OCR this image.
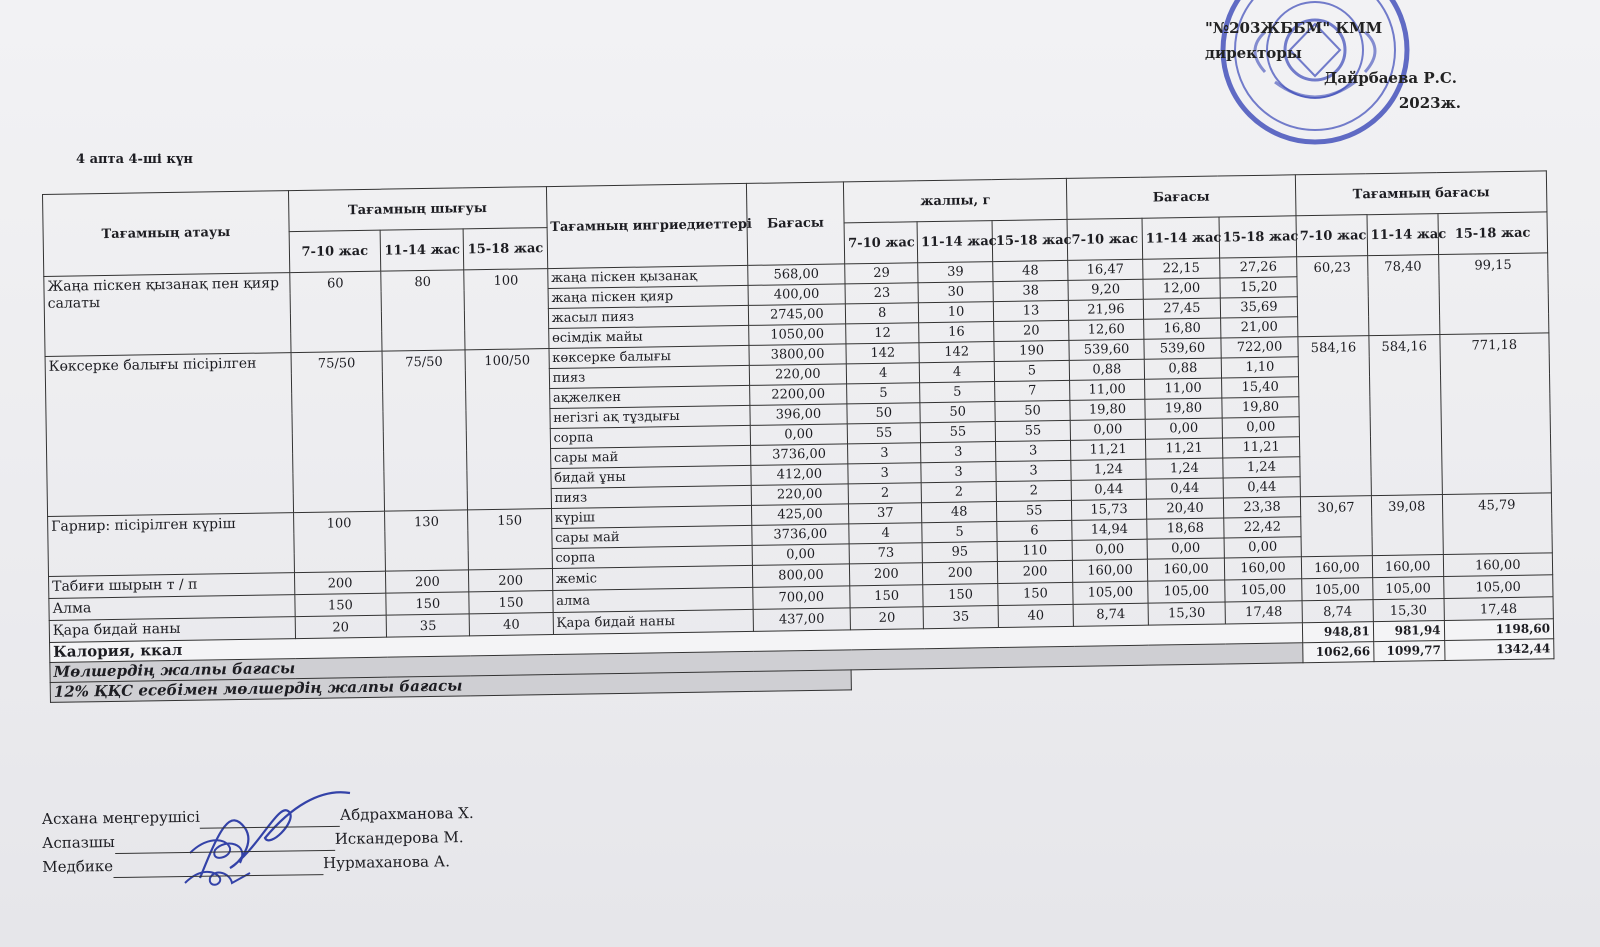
"№203ЖББМ" КММ
директоры
Дайрбаева Р.С.
2023ж.
4 апта 4-ші күн
Тағамның атауы	Тағамның шығуы			Тағамның ингриедиеттері	Бағасы	жалпы, г			Бағасы			Тағамның бағасы		
	7-10 жас	11-14 жас	15-18 жас			7-10 жас	11-14 жас	15-18 жас	7-10 жас	11-14 жас	15-18 жас	7-10 жас	11-14 жас	15-18 жас
Жаңа піскен қызанақ пен қияр салаты	60	80	100	жаңа піскен қызанақ	568,00	29	39	48	16,47	22,15	27,26	60,23	78,40	99,15
				жаңа піскен қияр	400,00	23	30	38	9,20	12,00	15,20			
				жасыл пияз	2745,00	8	10	13	21,96	27,45	35,69			
				өсімдік майы	1050,00	12	16	20	12,60	16,80	21,00			
Көксерке балығы пісірілген	75/50	75/50	100/50	көксерке балығы	3800,00	142	142	190	539,60	539,60	722,00	584,16	584,16	771,18
				пияз	220,00	4	4	5	0,88	0,88	1,10			
				ақжелкен	2200,00	5	5	7	11,00	11,00	15,40			
				негізгі ақ тұздығы	396,00	50	50	50	19,80	19,80	19,80			
				сорпа	0,00	55	55	55	0,00	0,00	0,00			
				сары май	3736,00	3	3	3	11,21	11,21	11,21			
				бидай ұны	412,00	3	3	3	1,24	1,24	1,24			
				пияз	220,00	2	2	2	0,44	0,44	0,44			
Гарнир: пісірілген күріш	100	130	150	күріш	425,00	37	48	55	15,73	20,40	23,38	30,67	39,08	45,79
				сары май	3736,00	4	5	6	14,94	18,68	22,42			
				сорпа	0,00	73	95	110	0,00	0,00	0,00			
Табиғи шырын т / п	200	200	200	жеміс	800,00	200	200	200	160,00	160,00	160,00	160,00	160,00	160,00
Алма	150	150	150	алма	700,00	150	150	150	105,00	105,00	105,00	105,00	105,00	105,00
Қара бидай наны	20	35	40	Қара бидай наны	437,00	20	35	40	8,74	15,30	17,48	8,74	15,30	17,48
Калория, ккал												948,81	981,94	1198,60
Мөлшердің жалпы бағасы												1062,66	1099,77	1342,44
12% ҚҚС есебімен мөлшердің жалпы бағасы														
Асхана меңгерушісі	Абдрахманова Х.
Аспазшы	Искандерова М.
Медбике	Нурмаханова А.
